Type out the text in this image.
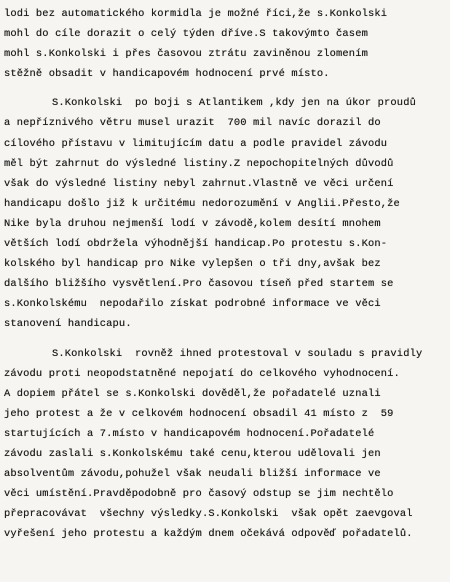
lodi bez automatického kormidla je možné říci,že s.Konkolski
mohl do cíle dorazit o celý týden dříve.S takovýmto časem
mohl s.Konkolski i přes časovou ztrátu zaviněnou zlomením
stěžně obsadit v handicapovém hodnocení prvé místo.
S.Konkolski  po boji s Atlantikem ,kdy jen na úkor proudů
a nepříznivého větru musel urazit  700 mil navíc dorazil do
cílového přístavu v limitujícím datu a podle pravidel závodu
měl být zahrnut do výsledné listiny.Z nepochopitelných důvodů
však do výsledné listiny nebyl zahrnut.Vlastně ve věci určení
handicapu došlo již k určitému nedorozumění v Anglii.Přesto,že
Nike byla druhou nejmenší lodí v závodě,kolem desítí mnohem
větších lodí obdržela výhodnější handicap.Po protestu s.Kon-
kolského byl handicap pro Nike vylepšen o tři dny,avšak bez
dalšího bližšího vysvětlení.Pro časovou tíseň před startem se
s.Konkolskému  nepodařilo získat podrobné informace ve věci
stanovení handicapu.
S.Konkolski  rovněž ihned protestoval v souladu s pravidly
závodu proti neopodstatněné nepojatí do celkového vyhodnocení.
A dopiem přátel se s.Konkolski dověděl,že pořadatelé uznali
jeho protest a že v celkovém hodnocení obsadil 41 místo z  59
startujících a 7.místo v handicapovém hodnocení.Pořadatelé
závodu zaslali s.Konkolskému také cenu,kterou udělovali jen
absolventům závodu,pohužel však neudali bližší informace ve
věci umístění.Pravděpodobně pro časový odstup se jim nechtělo
přepracovávat  všechny výsledky.S.Konkolski  však opět zaevgoval
vyřešení jeho protestu a každým dnem očekává odpověď pořadatelů.
